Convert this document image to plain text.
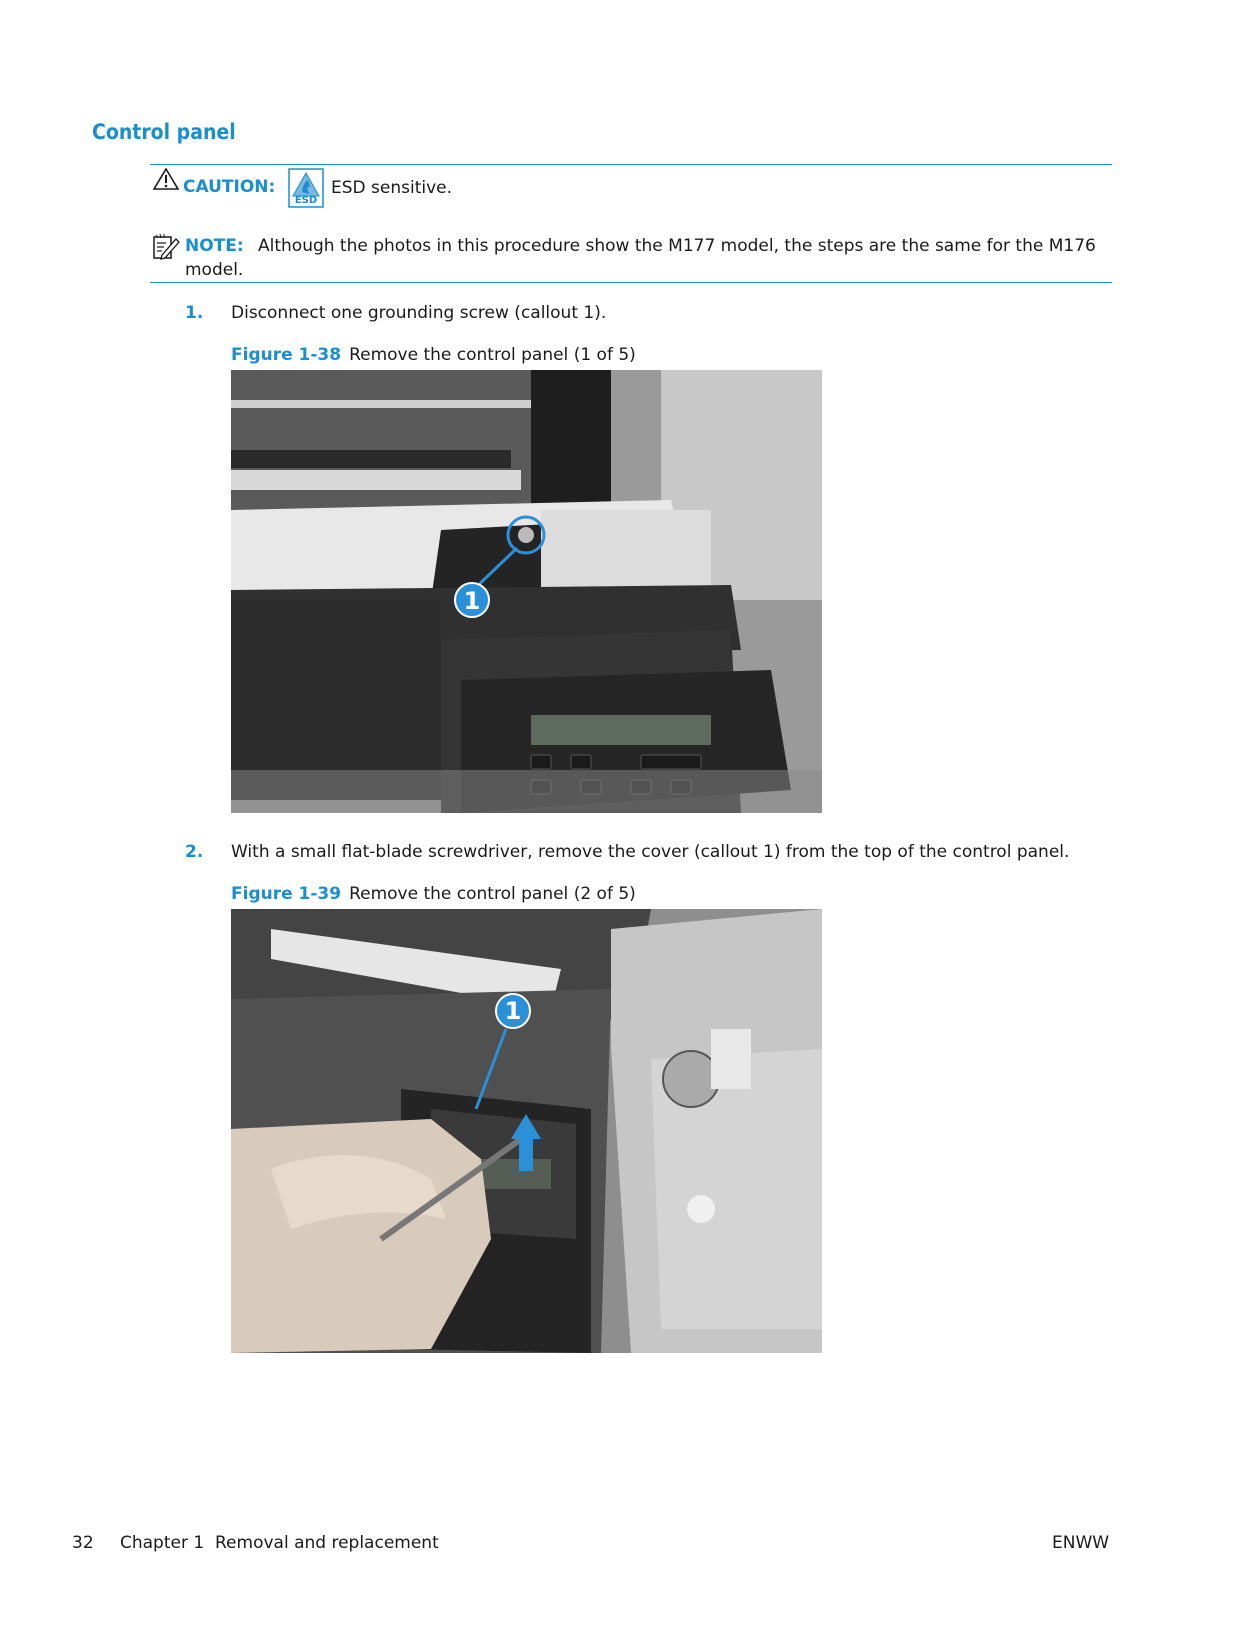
Control panel
CAUTION:
ESD
ESD sensitive.
NOTE: Although the photos in this procedure show the M177 model, the steps are the same for the M176
model.
1. Disconnect one grounding screw (callout 1).
Figure 1-38 Remove the control panel (1 of 5)
1
2. With a small flat-blade screwdriver, remove the cover (callout 1) from the top of the control panel.
Figure 1-39 Remove the control panel (2 of 5)
1
32 Chapter 1 Removal and replacement	ENWW
